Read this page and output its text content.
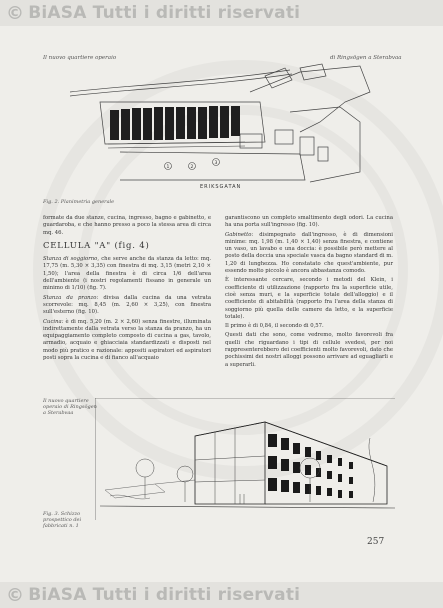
© BiASA Tutti i diritti riservati
Il nuovo quartiere operaio	di Ringsögen a Sterabvaa
1	2
3
ERIKSGATAN
Fig. 2. Planimetria generale

formate da due stanze, cucina, ingresso, bagno e gabinetto, e guardaroba, e che hanno presso a poco la stessa area di circa mq. 46.

CELLULA "A" (fig. 4)

Stanza di soggiorno, che serve anche da stanza da letto: mq. 17,75 (m. 5,30 × 3,35) con finestra di mq. 3,15 (metri 2,10 × 1,50); l'area della finestra è di circa 1/6 dell'area dell'ambiente (i nostri regolamenti fissano in generale un minimo di 1/10) (fig. 7).

Stanza da pranzo: divisa dalla cucina da una vetrata scorrevole: mq. 8,45 (m. 2,60 × 3,25), con finestra sull'esterno (fig. 10).

Cucina: è di mq. 5,20 (m. 2 × 2,60) senza finestre, illuminata indirettamente dalla vetrata verso la stanza da pranzo, ha un equipaggiamento completo composto di cucina a gas, tavolo, armadio, acquaio e ghiacciaia standardizzati e disposti nel modo più pratico e razionale: appositi aspiratori ed aspiratori posti sopra la cucina e di fianco all'acquaio

garantiscono un completo smaltimento degli odori. La cucina ha una porta sull'ingresso (fig. 10).

Gabinetto: disimpegnato dall'ingresso, è di dimensioni minime: mq. 1,98 (m. 1,40 × 1,40) senza finestra, e contiene un vaso, un lavabo e una doccia: è possibile però mettere al posto della doccia una speciale vasca da bagno standard di m. 1,20 di lunghezza. Ho constatato che quest'ambiente, pur essendo molto piccolo è ancora abbastanza comodo.

È interessante cercare, secondo i metodi del Klein, i coefficiente di utilizzazione (rapporto fra la superficie utile, cioè senza muri, e la superficie totale dell'alloggio) e il coefficiente di abitabilità (rapporto fra l'area della stanza di soggiorno più quella delle camere da letto, e la superficie totale).

Il primo è di 0,84, il secondo di 0,57.

Questi dati che sono, come vedremo, molto favorevoli fra quelli che riguardano i tipi di cellule svedesi, per noi rappresenterebbero dei coefficienti molto favorevoli, dato che pochissimi dei nostri alloggi possono arrivare ad eguagliarli e a superarli.

Il nuovo quartiere operaio di Ringsögen a Sterabvaa
Fig. 3. Schizzo prospettico dei fabbricati n. 1
257
© BiASA Tutti i diritti riservati
